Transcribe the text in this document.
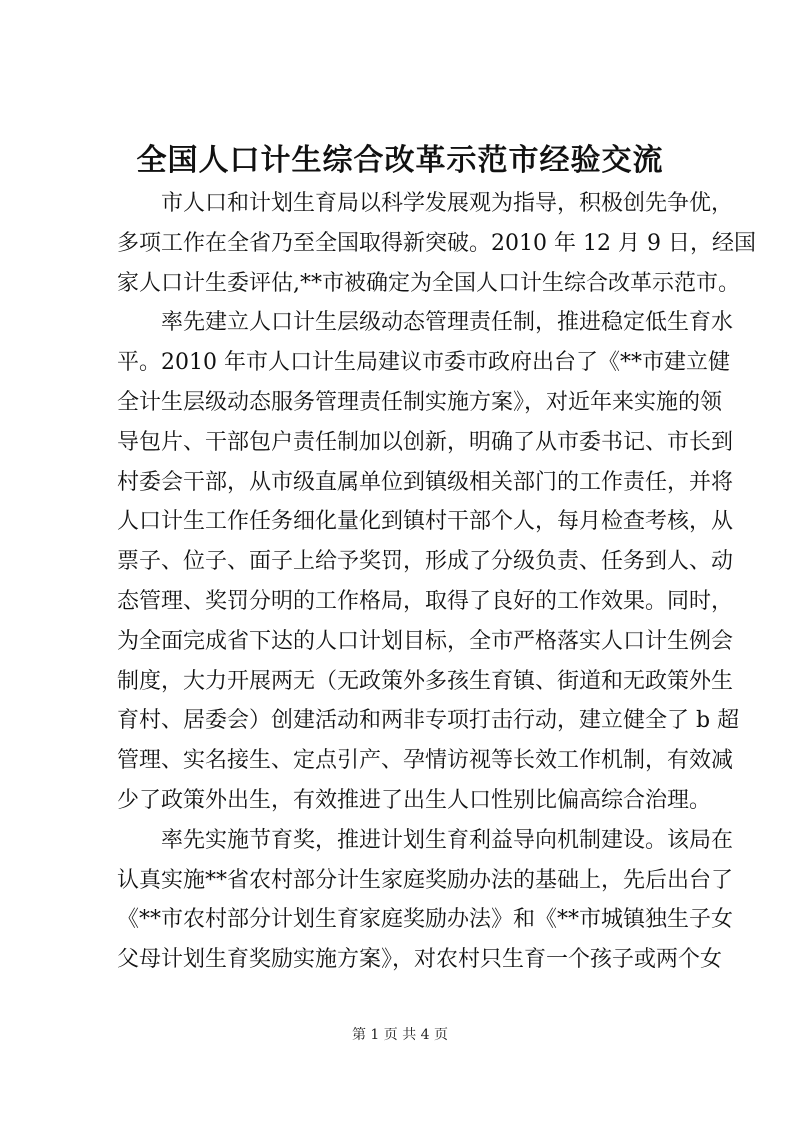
全国人口计生综合改革示范市经验交流
市人口和计划生育局以科学发展观为指导，积极创先争优，
多项工作在全省乃至全国取得新突破。2010 年 12 月 9 日，经国
家人口计生委评估,**市被确定为全国人口计生综合改革示范市。
率先建立人口计生层级动态管理责任制，推进稳定低生育水
平。2010 年市人口计生局建议市委市政府出台了《**市建立健
全计生层级动态服务管理责任制实施方案》，对近年来实施的领
导包片、干部包户责任制加以创新，明确了从市委书记、市长到
村委会干部，从市级直属单位到镇级相关部门的工作责任，并将
人口计生工作任务细化量化到镇村干部个人，每月检查考核，从
票子、位子、面子上给予奖罚，形成了分级负责、任务到人、动
态管理、奖罚分明的工作格局，取得了良好的工作效果。同时，
为全面完成省下达的人口计划目标，全市严格落实人口计生例会
制度，大力开展两无（无政策外多孩生育镇、街道和无政策外生
育村、居委会）创建活动和两非专项打击行动，建立健全了 b 超
管理、实名接生、定点引产、孕情访视等长效工作机制，有效减
少了政策外出生，有效推进了出生人口性别比偏高综合治理。
率先实施节育奖，推进计划生育利益导向机制建设。该局在
认真实施**省农村部分计生家庭奖励办法的基础上，先后出台了
《**市农村部分计划生育家庭奖励办法》和《**市城镇独生子女
父母计划生育奖励实施方案》，对农村只生育一个孩子或两个女
第 1 页 共 4 页
